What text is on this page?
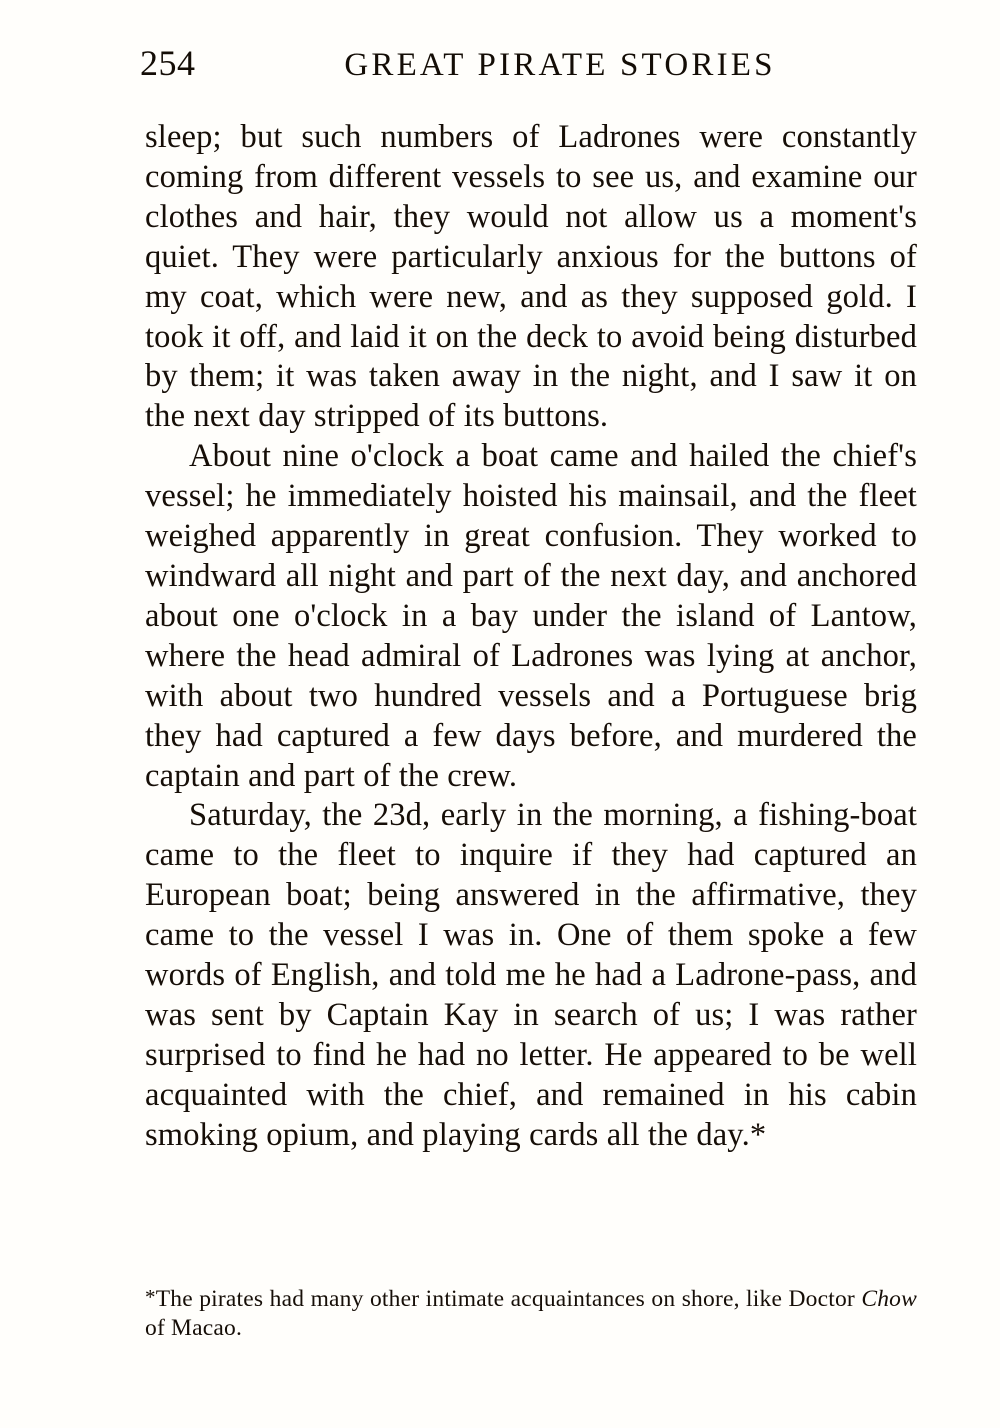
254	GREAT PIRATE STORIES

sleep; but such numbers of Ladrones were constantly coming from different vessels to see us, and examine our clothes and hair, they would not allow us a moment's quiet. They were particularly anxious for the buttons of my coat, which were new, and as they supposed gold. I took it off, and laid it on the deck to avoid being disturbed by them; it was taken away in the night, and I saw it on the next day stripped of its buttons.

About nine o'clock a boat came and hailed the chief's vessel; he immediately hoisted his mainsail, and the fleet weighed apparently in great confusion. They worked to windward all night and part of the next day, and anchored about one o'clock in a bay under the island of Lantow, where the head admiral of Ladrones was lying at anchor, with about two hundred vessels and a Portuguese brig they had captured a few days before, and murdered the captain and part of the crew.

Saturday, the 23d, early in the morning, a fishing-boat came to the fleet to inquire if they had captured an European boat; being answered in the affirmative, they came to the vessel I was in. One of them spoke a few words of English, and told me he had a Ladrone-pass, and was sent by Captain Kay in search of us; I was rather surprised to find he had no letter. He appeared to be well acquainted with the chief, and remained in his cabin smoking opium, and playing cards all the day.*

*The pirates had many other intimate acquaintances on shore, like Doctor Chow of Macao.
